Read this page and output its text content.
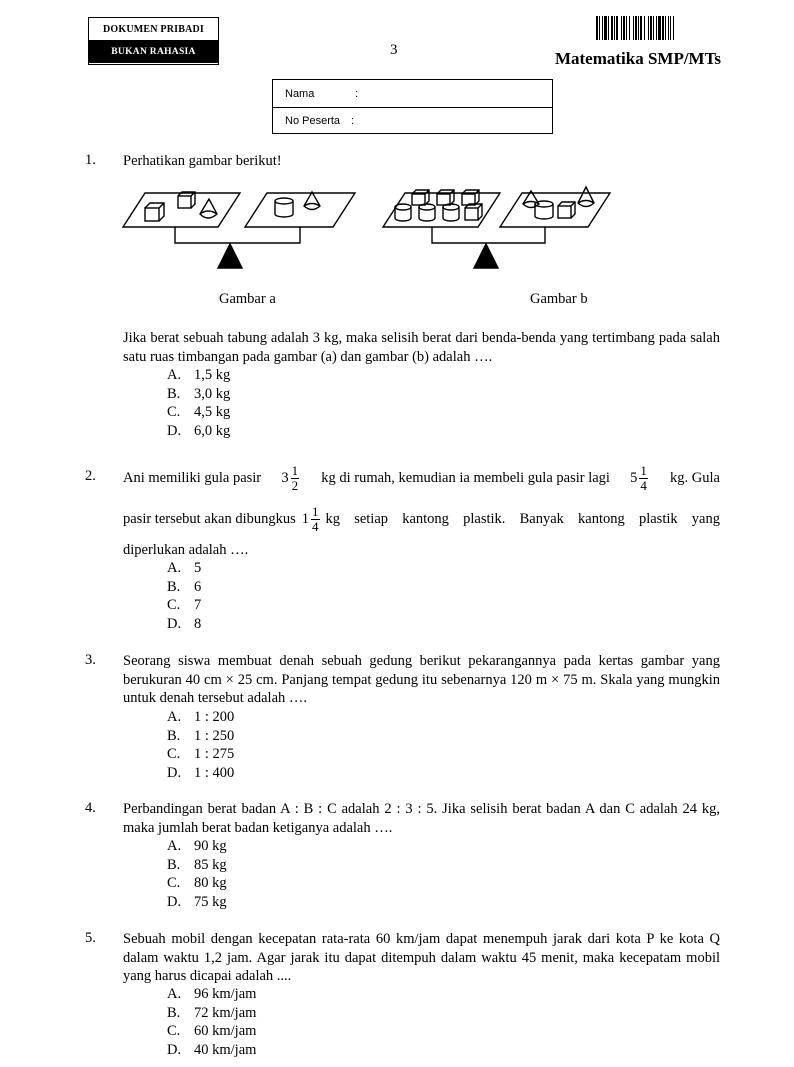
DOKUMEN PRIBADI
BUKAN RAHASIA	3	Matematika SMP/MTs
Nama	:
No Peserta :
1. Perhatikan gambar berikut!
Gambar a	Gambar b
Jika berat sebuah tabung adalah 3 kg, maka selisih berat dari benda-benda yang tertimbang pada salah satu ruas timbangan pada gambar (a) dan gambar (b) adalah ….
A. 1,5 kg
B. 3,0 kg
C. 4,5 kg
D. 6,0 kg
2. Ani memiliki gula pasir $3 \frac{1}{2}$ kg di rumah, kemudian ia membeli gula pasir lagi $5 \frac{1}{4}$ kg. Gula
pasir tersebut akan dibungkus $1 \frac{1}{4}$ kg setiap kantong plastik. Banyak kantong plastik yang
diperlukan adalah ….
A. 5
B. 6
C. 7
D. 8
3. Seorang siswa membuat denah sebuah gedung berikut pekarangannya pada kertas gambar yang berukuran 40 cm × 25 cm. Panjang tempat gedung itu sebenarnya 120 m × 75 m. Skala yang mungkin untuk denah tersebut adalah ….
A. 1 : 200
B. 1 : 250
C. 1 : 275
D. 1 : 400
4. Perbandingan berat badan A : B : C adalah 2 : 3 : 5. Jika selisih berat badan A dan C adalah 24 kg, maka jumlah berat badan ketiganya adalah ….
A. 90 kg
B. 85 kg
C. 80 kg
D. 75 kg
5. Sebuah mobil dengan kecepatan rata-rata 60 km/jam dapat menempuh jarak dari kota P ke kota Q dalam waktu 1,2 jam. Agar jarak itu dapat ditempuh dalam waktu 45 menit, maka kecepatam mobil yang harus dicapai adalah ....
A. 96 km/jam
B. 72 km/jam
C. 60 km/jam
D. 40 km/jam
